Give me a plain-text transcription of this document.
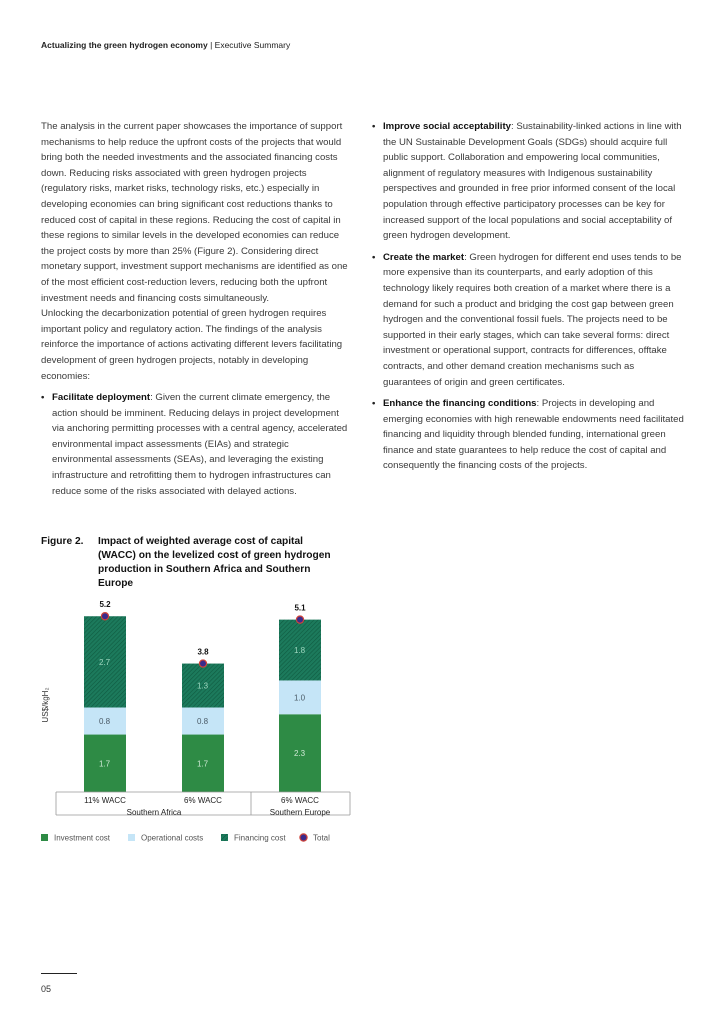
Actualizing the green hydrogen economy | Executive Summary

The analysis in the current paper showcases the importance of support mechanisms to help reduce the upfront costs of the projects that would bring both the needed investments and the associated financing costs down. Reducing risks associated with green hydrogen projects (regulatory risks, market risks, technology risks, etc.) especially in developing economies can bring significant cost reductions thanks to reduced cost of capital in these regions. Reducing the cost of capital in these regions to similar levels in the developed economies can reduce the project costs by more than 25% (Figure 2). Considering direct monetary support, investment support mechanisms are identified as one of the most efficient cost-reduction levers, reducing both the upfront investment needs and financing costs simultaneously.

Unlocking the decarbonization potential of green hydrogen requires important policy and regulatory action. The findings of the analysis reinforce the importance of actions activating different levers facilitating development of green hydrogen projects, notably in developing economies:

• Facilitate deployment: Given the current climate emergency, the action should be imminent. Reducing delays in project development via anchoring permitting processes with a central agency, accelerated environmental impact assessments (EIAs) and strategic environmental assessments (SEAs), and leveraging the existing infrastructure and retrofitting them to hydrogen infrastructures can reduce some of the risks associated with delayed actions.
• Improve social acceptability: Sustainability-linked actions in line with the UN Sustainable Development Goals (SDGs) should acquire full public support. Collaboration and empowering local communities, alignment of regulatory measures with Indigenous sustainability perspectives and grounded in free prior informed consent of the local population through effective participatory processes can be key for increased support of the local populations and social acceptability of green hydrogen development.
• Create the market: Green hydrogen for different end uses tends to be more expensive than its counterparts, and early adoption of this technology likely requires both creation of a market where there is a demand for such a product and bridging the cost gap between green hydrogen and the conventional fossil fuels. The projects need to be supported in their early stages, which can take several forms: direct investment or operational support, contracts for differences, offtake contracts, and other demand creation mechanisms such as guarantees of origin and green certificates.
• Enhance the financing conditions: Projects in developing and emerging economies with high renewable endowments need facilitated financing and liquidity through blended funding, international green finance and state guarantees to help reduce the cost of capital and consequently the financing costs of the projects.
Figure 2. Impact of weighted average cost of capital (WACC) on the levelized cost of green hydrogen production in Southern Africa and Southern Europe
US$/kgH₂
1.7
0.8
2.7
5.2
11% WACC
1.7
0.8
1.3
3.8
6% WACC
2.3
1.0
1.8
5.1
6% WACC
Southern Africa	Southern Europe
Investment cost	Operational costs	Financing cost	Total
05
